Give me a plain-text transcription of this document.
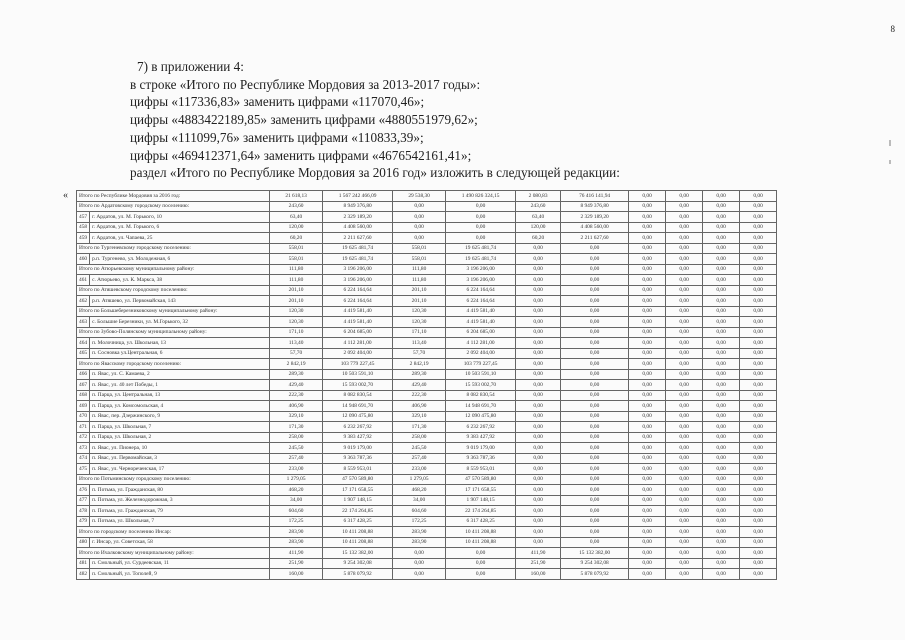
8
7) в приложении 4:
в строке «Итого по Республике Мордовия за 2013-2017 годы»:
цифры «117336,83» заменить цифрами «117070,46»;
цифры «4883422189,85» заменить цифрами «4880551979,62»;
цифры «111099,76» заменить цифрами «110833,39»;
цифры «469412371,64» заменить цифрами «4676542161,41»;
раздел «Итого по Республике Мордовия за 2016 год» изложить в следующей редакции:
« Итого по Республике Мордовия за 2016 год:		21 618,13	1 567 242 466,09	29 538,30	1 490 826 324,15	2 080,83	76 416 141,94	0,00	0,00	0,00	0,00
Итого по Ардатовскому городскому поселению:		243,60	8 949 376,80	0,00	0,00	243,60	8 949 376,80	0,00	0,00	0,00	0,00
457	г. Ардатов, ул. М. Горького, 10	63,40	2 329 189,20	0,00	0,00	63,40	2 329 189,20	0,00	0,00	0,00	0,00
458	г. Ардатов, ул. М. Горького, 6	120,00	4 408 560,00	0,00	0,00	120,00	4 408 560,00	0,00	0,00	0,00	0,00
459	г. Ардатов, ул. Чапаева, 25	60,20	2 211 627,60	0,00	0,00	60,20	2 211 627,60	0,00	0,00	0,00	0,00
Итого по Тургеневскому городскому поселению:		558,01	19 625 481,74	558,01	19 625 481,74	0,00	0,00	0,00	0,00	0,00	0,00
460	р.п. Тургенево, ул. Молодежная, 6	558,01	19 625 481,74	558,01	19 625 481,74	0,00	0,00	0,00	0,00	0,00	0,00
Итого по Атюрьевскому муниципальному району:		111,80	3 196 206,00	111,80	3 196 206,00	0,00	0,00	0,00	0,00	0,00	0,00
461	с. Атюрьево, ул. К. Маркса, 38	111,80	3 196 206,00	111,80	3 196 206,00	0,00	0,00	0,00	0,00	0,00	0,00
Итого по Атяшевскому городскому поселению:		201,10	6 224 164,64	201,10	6 224 164,64	0,00	0,00	0,00	0,00	0,00	0,00
462	р.п. Атяшево, ул. Первомайская, 143	201,10	6 224 164,64	201,10	6 224 164,64	0,00	0,00	0,00	0,00	0,00	0,00
Итого по Большеберезниковскому муниципальному району:		120,30	4 419 581,40	120,30	4 419 581,40	0,00	0,00	0,00	0,00	0,00	0,00
463	с. Большие Березники, ул. М.Горького, 32	120,30	4 419 581,40	120,30	4 419 581,40	0,00	0,00	0,00	0,00	0,00	0,00
Итого по Зубово-Полянскому муниципальному району:		171,10	6 204 685,00	171,10	6 204 685,00	0,00	0,00	0,00	0,00	0,00	0,00
464	п. Молочница, ул. Школьная, 13	113,40	4 112 281,00	113,40	4 112 281,00	0,00	0,00	0,00	0,00	0,00	0,00
465	п. Сосновка ул.Центральная, 6	57,70	2 092 404,00	57,70	2 092 404,00	0,00	0,00	0,00	0,00	0,00	0,00
Итого по Явасскому городскому поселению:		2 842,19	103 779 227,45	2 842,19	103 779 227,45	0,00	0,00	0,00	0,00	0,00	0,00
466	п. Явас, ул. С. Камаева, 2	289,30	10 503 591,10	289,30	10 503 591,10	0,00	0,00	0,00	0,00	0,00	0,00
467	п. Явас, ул. 40 лет Победы, 1	429,40	15 593 002,70	429,40	15 593 002,70	0,00	0,00	0,00	0,00	0,00	0,00
468	п. Парца, ул. Центральная, 13	222,30	8 082 830,54	222,30	8 082 830,54	0,00	0,00	0,00	0,00	0,00	0,00
469	п. Парца, ул. Комсомольская, 4	406,90	14 948 691,70	406,90	14 948 691,70	0,00	0,00	0,00	0,00	0,00	0,00
470	п. Явас, пер. Дзержинского, 9	329,10	12 090 475,80	329,10	12 090 475,80	0,00	0,00	0,00	0,00	0,00	0,00
471	п. Парца, ул. Школьная, 7	171,30	6 232 267,92	171,30	6 232 267,92	0,00	0,00	0,00	0,00	0,00	0,00
472	п. Парца, ул. Школьная, 2	258,00	9 383 427,92	258,00	9 383 427,92	0,00	0,00	0,00	0,00	0,00	0,00
473	п. Явас, ул. Пионера, 10	245,50	9 019 179,00	245,50	9 019 179,00	0,00	0,00	0,00	0,00	0,00	0,00
474	п. Явас, ул. Первомайская, 3	257,40	9 363 787,36	257,40	9 363 787,36	0,00	0,00	0,00	0,00	0,00	0,00
475	п. Явас, ул. Чернореченская, 17	233,00	8 559 953,01	233,00	8 559 953,01	0,00	0,00	0,00	0,00	0,00	0,00
Итого по Потьминскому городскому поселению:		1 279,05	47 570 589,80	1 279,05	47 570 589,80	0,00	0,00	0,00	0,00	0,00	0,00
476	п. Потьма, ул. Гражданская, 80	468,20	17 171 658,55	468,20	17 171 658,55	0,00	0,00	0,00	0,00	0,00	0,00
477	п. Потьма, ул. Железнодорожная, 3	34,00	1 907 148,15	34,00	1 907 148,15	0,00	0,00	0,00	0,00	0,00	0,00
478	п. Потьма, ул. Гражданская, 79	604,60	22 174 264,85	604,60	22 174 264,85	0,00	0,00	0,00	0,00	0,00	0,00
479	п. Потьма, ул. Школьная, 7	172,25	6 317 428,25	172,25	6 317 428,25	0,00	0,00	0,00	0,00	0,00	0,00
Итого по городскому поселению Инсар:		283,90	10 411 208,88	283,90	10 411 208,88	0,00	0,00	0,00	0,00	0,00	0,00
480	г. Инсар, ул. Советская, 58	283,90	10 411 208,88	283,90	10 411 208,88	0,00	0,00	0,00	0,00	0,00	0,00
Итого по Ичалковскому муниципальному району:		411,90	15 132 382,00	0,00	0,00	411,90	15 132 382,00	0,00	0,00	0,00	0,00
481	п. Смольный, ул. Сурдеевская, 11	251,90	9 254 302,08	0,00	0,00	251,90	9 254 302,08	0,00	0,00	0,00	0,00
482	п. Смольный, ул. Тополей, 9	160,00	5 878 079,92	0,00	0,00	160,00	5 878 079,92	0,00	0,00	0,00	0,00
